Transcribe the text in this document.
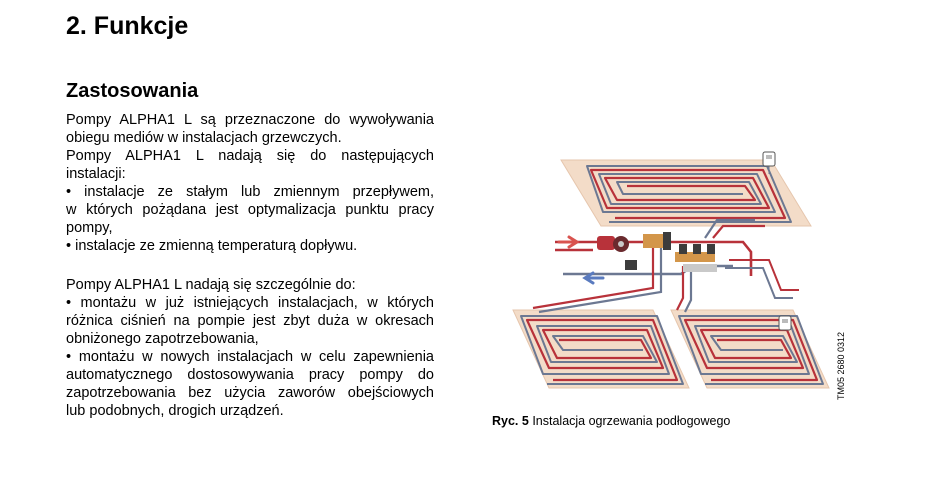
2. Funkcje
Zastosowania
Pompy ALPHA1 L są przeznaczone do wywoływania
obiegu mediów w instalacjach grzewczych.
Pompy ALPHA1 L nadają się do następujących
instalacji:
• instalacje ze stałym lub zmiennym przepływem,
w których pożądana jest optymalizacja punktu pracy
pompy,
• instalacje ze zmienną temperaturą dopływu.
Pompy ALPHA1 L nadają się szczególnie do:
• montażu w już istniejących instalacjach, w których
różnica ciśnień na pompie jest zbyt duża w okresach
obniżonego zapotrzebowania,
• montażu w nowych instalacjach w celu zapewnienia
automatycznego dostosowywania pracy pompy do
zapotrzebowania bez użycia zaworów obejściowych
lub podobnych, drogich urządzeń.
TM05 2680 0312
Ryc. 5 Instalacja ogrzewania podłogowego
